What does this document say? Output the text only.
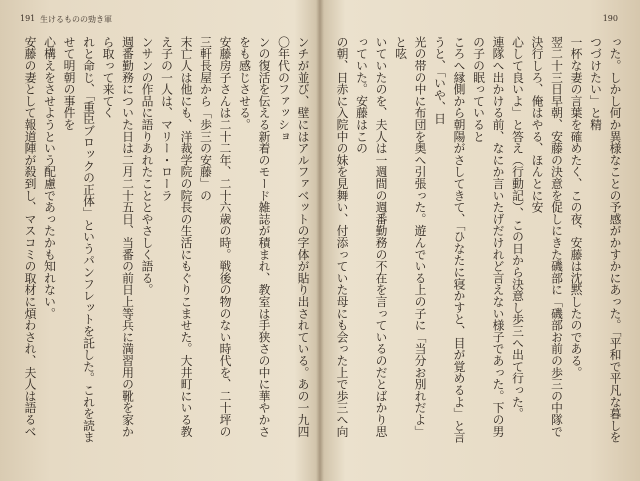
191 生けるものの勁き軍

ンチが並び、壁にはアルファベットの字体が貼り出されている。あの一九四〇年代のファッショ

ンの復活を伝える新着のモード雑誌が積まれ、教室は手狭さの中に華やかさをも感じさせる。

安藤房子さんは二十二年、二十六歳の時。戦後の物のない時代を、二十坪の三軒長屋から「歩三の安藤」の

末亡人は他にも、洋裁学院の院長の生活にもぐりこませた。大井町にいる教え子の一人は、マリー・ローラ

ンサンの作品に語りあれたこととやさしく語る。

週番勤務についた日は二月二十五日、当番の前日上等兵に満習用の靴を家から取って来てく

れと命じ、「重臣ブロックの正体」というパンフレットを託した。これを読ませて明朝の事件を

心構えをさせようという配慮であったかも知れない。

安藤の妻として報道陣が殺到し、マスコミの取材に煩わされ、夫人は語るべ

190

った。しかし何か異様なことの予感がかすかにあった。「平和で平凡な暮しをつづけたい」と精

一杯な妻の言葉を確めたく、この夜、安藤は沈黙したのである。

翌二十三日早朝、安藤の決意を促しにきた磯部に「磯部お前の歩三の中隊で決行しろ、俺はやる、ほんとに安

心して良いよ」と答え（行動記）、この日から決意し歩三へ出て行った。

連隊へ出かける前、なにか言いたげだけれど言えない様子であった。下の男の子の眠っていると

ころへ縁側から朝陽がさしてきて、「ひなたに寝かすと、目が覚めるよ」と言うと、「いや、日

光の帯の中に布団を奥へ引張った。遊んでいる上の子に「当分お別れだよ」と呟

いていたのを、夫人は一週間の週番勤務の不在を言っているのだとばかり思っていた。安藤はこの

の朝、日赤に入院中の妹を見舞い、付添っていた母にも会った上で歩三へ向
